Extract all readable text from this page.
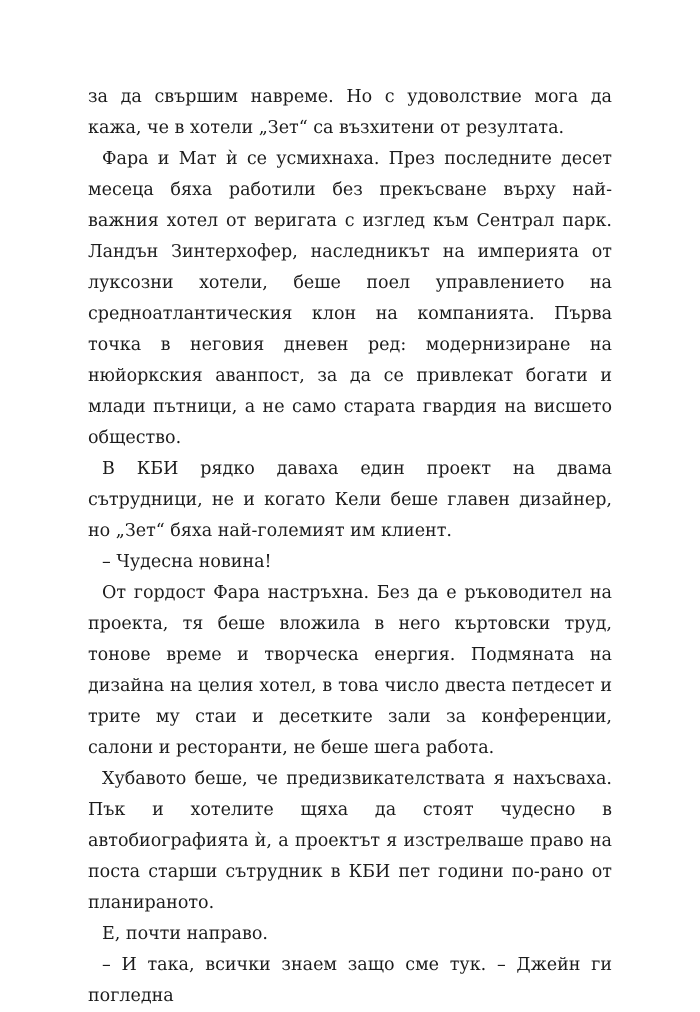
за да свършим навреме. Но с удоволствие мога да кажа, че в хотели „Зет“ са възхитени от резултата.

Фара и Мат ѝ се усмихнаха. През последните десет месеца бяха работили без прекъсване върху най-важния хотел от веригата с изглед към Сентрал парк. Ландън Зинтерхофер, наследникът на империята от луксозни хотели, беше поел управлението на средноатлантическия клон на компанията. Първа точка в неговия дневен ред: модернизиране на нюйоркския аванпост, за да се привлекат богати и млади пътници, а не само старата гвардия на висшето общество.

В КБИ рядко даваха един проект на двама сътрудници, не и когато Кели беше главен дизайнер, но „Зет“ бяха най-големият им клиент.

– Чудесна новина!

От гордост Фара настръхна. Без да е ръководител на проекта, тя беше вложила в него къртовски труд, тонове време и творческа енергия. Подмяната на дизайна на целия хотел, в това число двеста петдесет и трите му стаи и десетките зали за конференции, салони и ресторанти, не беше шега работа.

Хубавото беше, че предизвикателствата я нахъсваха. Пък и хотелите щяха да стоят чудесно в автобиографията ѝ, а проектът я изстрелваше право на поста старши сътрудник в КБИ пет години по-рано от планираното.

Е, почти направо.

– И така, всички знаем защо сме тук. – Джейн ги погледна
